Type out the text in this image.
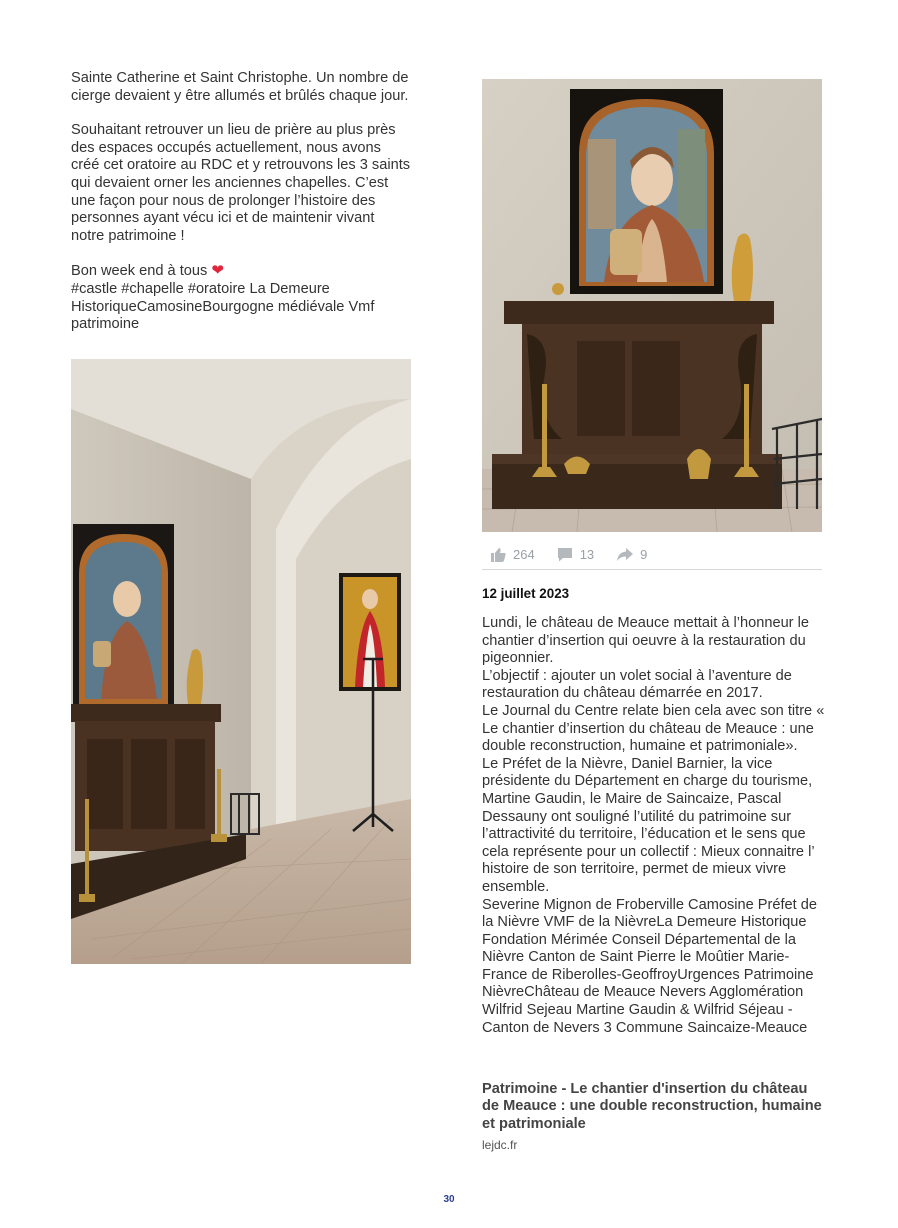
Sainte Catherine et Saint Christophe. Un nombre de cierge devaient y être allumés et brûlés chaque jour.

Souhaitant retrouver un lieu de prière au plus près des espaces occupés actuellement, nous avons créé cet oratoire au RDC et y retrouvons les 3 saints qui devaient orner les anciennes chapelles. C’est une façon pour nous de prolonger l’histoire des personnes ayant vécu ici et de maintenir vivant notre patrimoine !

Bon week end à tous ❤
#castle #chapelle #oratoire La Demeure HistoriqueCamosineBourgogne médiévale Vmf patrimoine

264	13	9
12 juillet 2023

Lundi, le château de Meauce mettait à l’honneur le chantier d’insertion qui oeuvre à la restauration du pigeonnier.

L’objectif : ajouter un volet social à l’aventure de restauration du château démarrée en 2017.

Le Journal du Centre relate bien cela avec son titre « Le chantier d’insertion du château de Meauce : une double reconstruction, humaine et patrimoniale».

Le Préfet de la Nièvre, Daniel Barnier, la vice présidente du Département en charge du tourisme, Martine Gaudin, le Maire de Saincaize, Pascal Dessauny ont souligné l’utilité du patrimoine sur l’attractivité du territoire, l’éducation et le sens que cela représente pour un collectif : Mieux connaitre l’ histoire de son territoire, permet de mieux vivre ensemble.

Severine Mignon de Froberville Camosine Préfet de la Nièvre VMF de la NièvreLa Demeure Historique Fondation Mérimée Conseil Départemental de la Nièvre Canton de Saint Pierre le Moûtier Marie-France de Riberolles-GeoffroyUrgences Patrimoine NièvreChâteau de Meauce Nevers Agglomération Wilfrid Sejeau Martine Gaudin & Wilfrid Séjeau - Canton de Nevers 3 Commune Saincaize-Meauce

Patrimoine - Le chantier d'insertion du château de Meauce : une double reconstruction, humaine et patrimoniale
lejdc.fr
30
